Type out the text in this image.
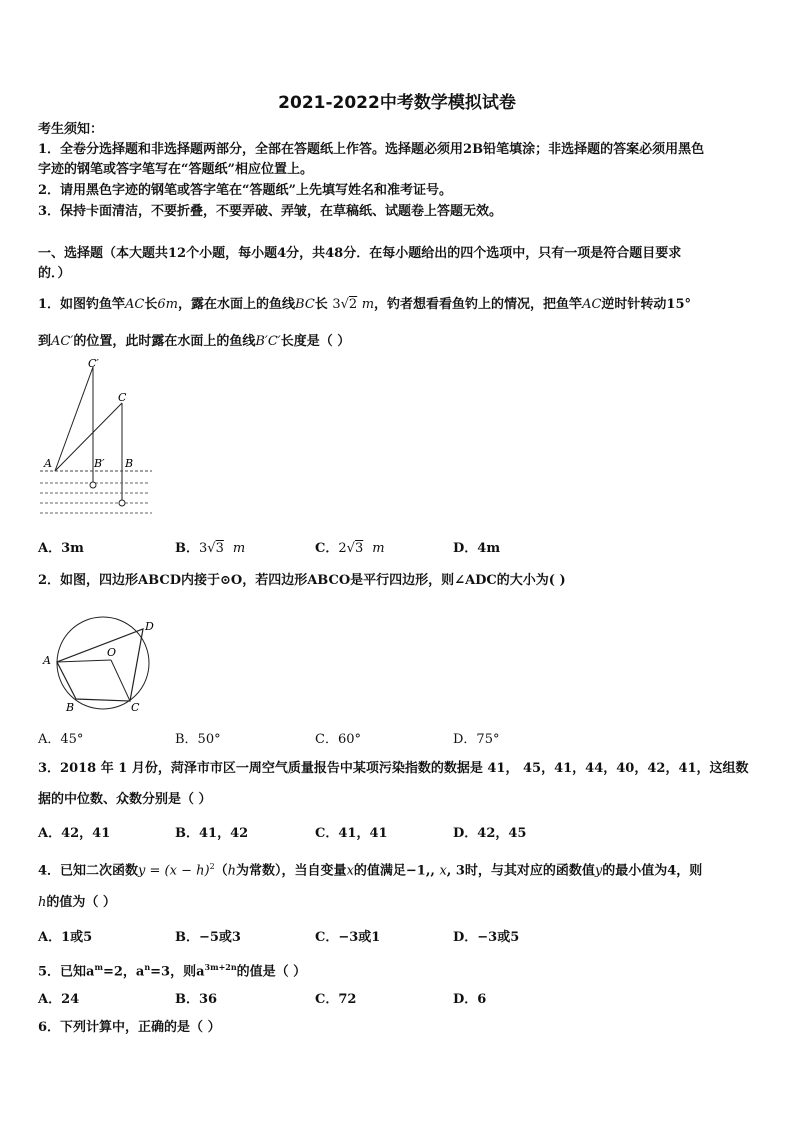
2021-2022中考数学模拟试卷
考生须知：
1．全卷分选择题和非选择题两部分，全部在答题纸上作答。选择题必须用2B铅笔填涂；非选择题的答案必须用黑色
字迹的钢笔或答字笔写在“答题纸”相应位置上。
2．请用黑色字迹的钢笔或答字笔在“答题纸”上先填写姓名和准考证号。
3．保持卡面清洁，不要折叠，不要弄破、弄皱，在草稿纸、试题卷上答题无效。
一、选择题（本大题共12个小题，每小题4分，共48分．在每小题给出的四个选项中，只有一项是符合题目要求
的．）
1．如图钓鱼竿AC长6m，露在水面上的鱼线BC长 3√2 m，钓者想看看鱼钓上的情况，把鱼竿AC逆时针转动15°
到AC′的位置，此时露在水面上的鱼线B′C′长度是（ ）
C′
C
A	B′ B
A．3m	B．3√3 m	C．2√3 m	D．4m
2．如图，四边形ABCD内接于⊙O，若四边形ABCO是平行四边形，则∠ADC的大小为( )
D
A
O
B	C
A．45°	B．50°	C．60°	D．75°
3．2018 年 1 月份，菏泽市市区一周空气质量报告中某项污染指数的数据是 41， 45，41，44，40，42，41，这组数
据的中位数、众数分别是（ ）
A．42，41	B．41，42	C．41，41	D．42，45
4．已知二次函数$y = (x - h)^2(h$为常数），当自变量x的值满足−1,, x, 3时，与其对应的函数值y的最小值为4，则
h的值为（ ）
A．1或5	B．−5或3	C．−3或1	D．−3或5
5．已知$a^m=2$，$a^n=3$，则$a^{3m+2n}$的值是（ ）
A．24	B．36	C．72	D．6
6．下列计算中，正确的是（ ）
